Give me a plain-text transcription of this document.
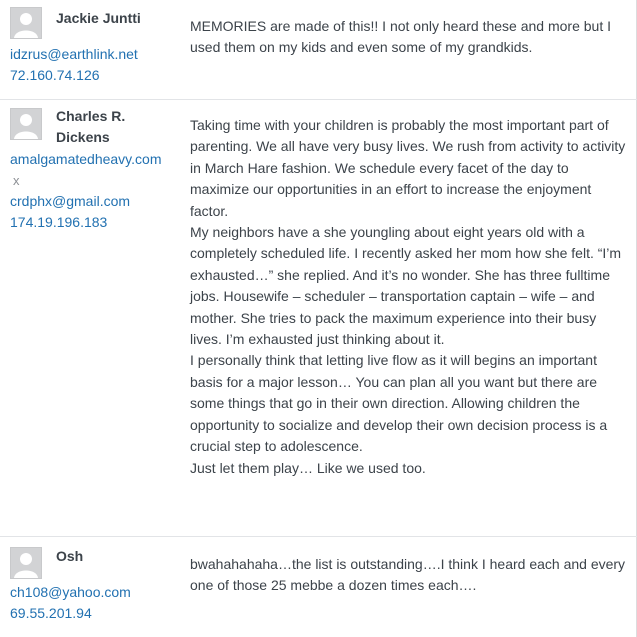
Jackie Juntti
idzrus@earthlink.net
72.160.74.126

MEMORIES are made of this!! I not only heard these and more but I used them on my kids and even some of my grandkids.

Charles R. Dickens
amalgamatedheavy.comx
crdphx@gmail.com
174.19.196.183

Taking time with your children is probably the most important part of parenting. We all have very busy lives. We rush from activity to activity in March Hare fashion. We schedule every facet of the day to maximize our opportunities in an effort to increase the enjoyment factor.

My neighbors have a she youngling about eight years old with a completely scheduled life. I recently asked her mom how she felt. “I’m exhausted…” she replied. And it’s no wonder. She has three fulltime jobs. Housewife – scheduler – transportation captain – wife – and mother. She tries to pack the maximum experience into their busy lives. I’m exhausted just thinking about it.

I personally think that letting live flow as it will begins an important basis for a major lesson… You can plan all you want but there are some things that go in their own direction. Allowing children the opportunity to socialize and develop their own decision process is a crucial step to adolescence.

Just let them play… Like we used too.

Osh
ch108@yahoo.com
69.55.201.94

bwahahahaha…the list is outstanding….I think I heard each and every one of those 25 mebbe a dozen times each….
